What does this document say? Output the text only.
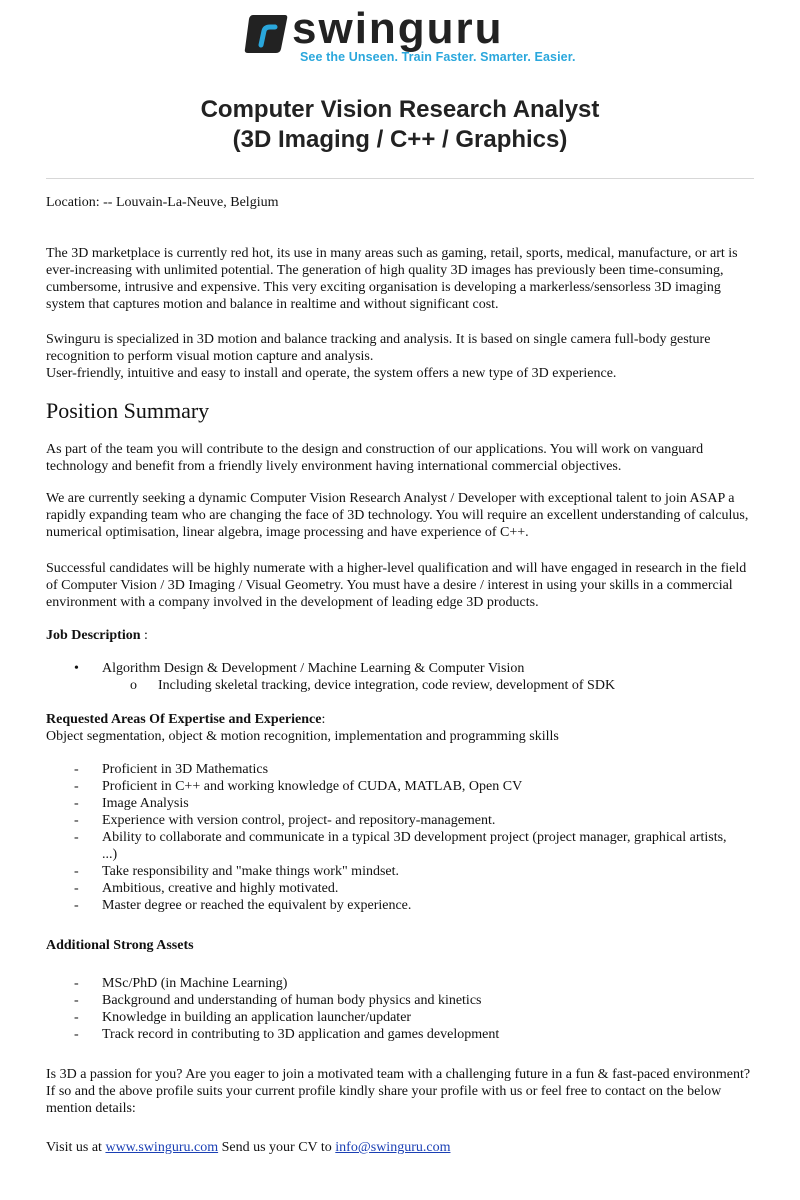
swinguru
See the Unseen. Train Faster. Smarter. Easier.
Computer Vision Research Analyst
(3D Imaging / C++ / Graphics)

Location: -- Louvain-La-Neuve, Belgium

The 3D marketplace is currently red hot, its use in many areas such as gaming, retail, sports, medical, manufacture, or art is ever-increasing with unlimited potential. The generation of high quality 3D images has previously been time-consuming, cumbersome, intrusive and expensive. This very exciting organisation is developing a markerless/sensorless 3D imaging system that captures motion and balance in realtime and without significant cost.

Swinguru is specialized in 3D motion and balance tracking and analysis. It is based on single camera full-body gesture recognition to perform visual motion capture and analysis.

User-friendly, intuitive and easy to install and operate, the system offers a new type of 3D experience.

Position Summary

As part of the team you will contribute to the design and construction of our applications. You will work on vanguard technology and benefit from a friendly lively environment having international commercial objectives.

We are currently seeking a dynamic Computer Vision Research Analyst / Developer with exceptional talent to join ASAP a rapidly expanding team who are changing the face of 3D technology. You will require an excellent understanding of calculus, numerical optimisation, linear algebra, image processing and have experience of C++.

Successful candidates will be highly numerate with a higher-level qualification and will have engaged in research in the field of Computer Vision / 3D Imaging / Visual Geometry. You must have a desire / interest in using your skills in a commercial environment with a company involved in the development of leading edge 3D products.

Job Description :

• Algorithm Design & Development / Machine Learning & Computer Vision
o Including skeletal tracking, device integration, code review, development of SDK

Requested Areas Of Expertise and Experience:

Object segmentation, object & motion recognition, implementation and programming skills

- Proficient in 3D Mathematics
- Proficient in C++ and working knowledge of CUDA, MATLAB, Open CV
- Image Analysis
- Experience with version control, project- and repository-management.
- Ability to collaborate and communicate in a typical 3D development project (project manager, graphical artists, ...)
- Take responsibility and "make things work" mindset.
- Ambitious, creative and highly motivated.
- Master degree or reached the equivalent by experience.

Additional Strong Assets

- MSc/PhD (in Machine Learning)
- Background and understanding of human body physics and kinetics
- Knowledge in building an application launcher/updater
- Track record in contributing to 3D application and games development

Is 3D a passion for you? Are you eager to join a motivated team with a challenging future in a fun & fast-paced environment? If so and the above profile suits your current profile kindly share your profile with us or feel free to contact on the below mention details:

Visit us at www.swinguru.com Send us your CV to info@swinguru.com
